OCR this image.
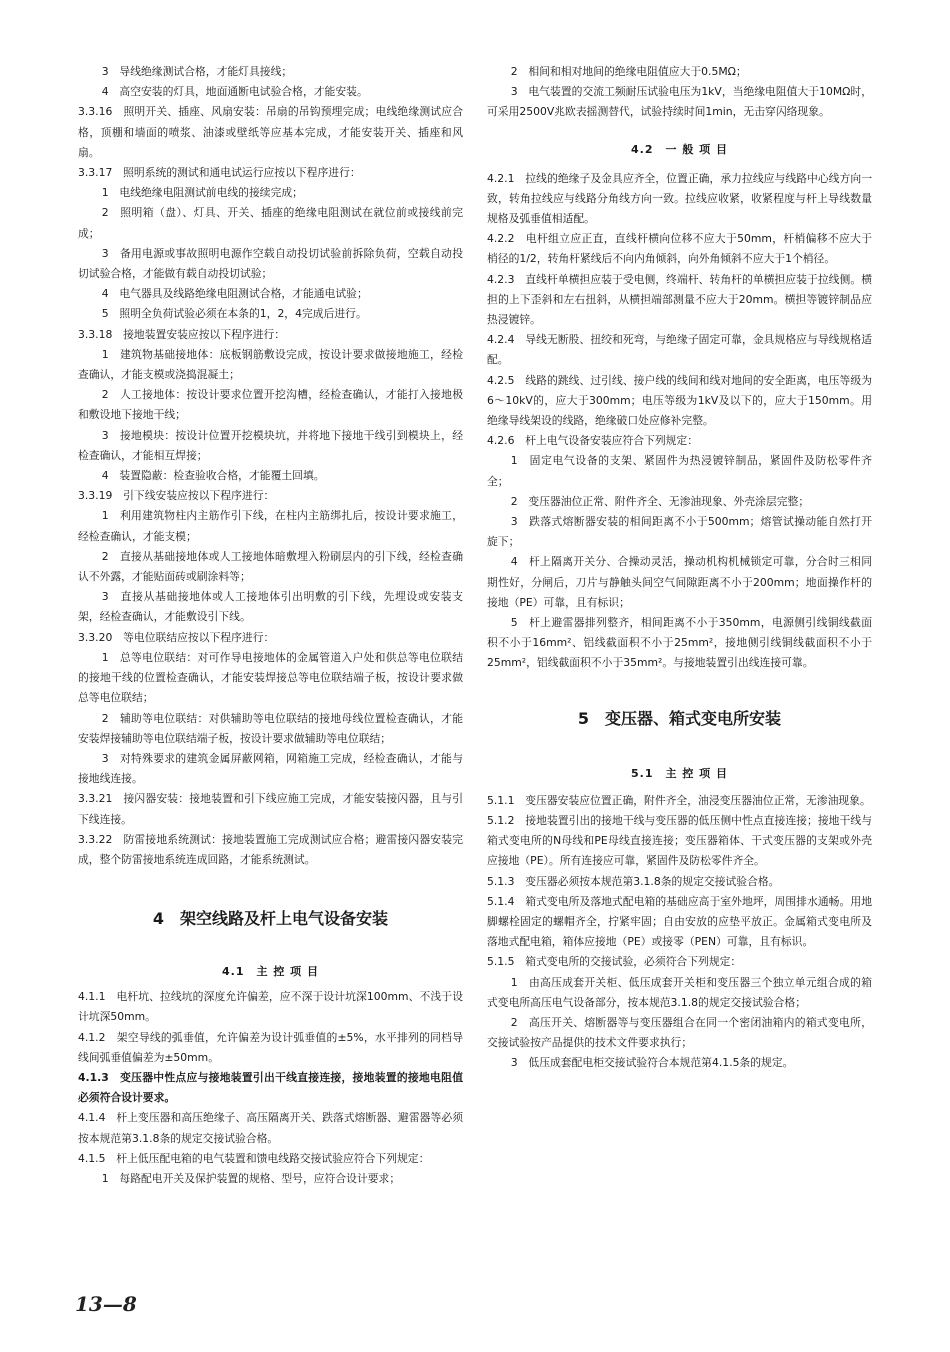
3　导线绝缘测试合格，才能灯具接线；

4　高空安装的灯具，地面通断电试验合格，才能安装。

3.3.16　照明开关、插座、风扇安装：吊扇的吊钩预埋完成；电线绝缘测试应合格，顶棚和墙面的喷浆、油漆或壁纸等应基本完成，才能安装开关、插座和风扇。

3.3.17　照明系统的测试和通电试运行应按以下程序进行：

1　电线绝缘电阻测试前电线的接续完成；

2　照明箱（盘）、灯具、开关、插座的绝缘电阻测试在就位前或接线前完成；

3　备用电源或事故照明电源作空载自动投切试验前拆除负荷，空载自动投切试验合格，才能做有载自动投切试验；

4　电气器具及线路绝缘电阻测试合格，才能通电试验；

5　照明全负荷试验必须在本条的1，2，4完成后进行。

3.3.18　接地装置安装应按以下程序进行：

1　建筑物基础接地体：底板钢筋敷设完成，按设计要求做接地施工，经检查确认，才能支模或浇捣混凝土；

2　人工接地体：按设计要求位置开挖沟槽，经检查确认，才能打入接地极和敷设地下接地干线；

3　接地模块：按设计位置开挖模块坑，并将地下接地干线引到模块上，经检查确认，才能相互焊接；

4　装置隐蔽：检查验收合格，才能覆土回填。

3.3.19　引下线安装应按以下程序进行：

1　利用建筑物柱内主筋作引下线，在柱内主筋绑扎后，按设计要求施工，经检查确认，才能支模；

2　直接从基础接地体或人工接地体暗敷埋入粉刷层内的引下线，经检查确认不外露，才能贴面砖或刷涂料等；

3　直接从基础接地体或人工接地体引出明敷的引下线，先埋设或安装支架，经检查确认，才能敷设引下线。

3.3.20　等电位联结应按以下程序进行：

1　总等电位联结：对可作导电接地体的金属管道入户处和供总等电位联结的接地干线的位置检查确认，才能安装焊接总等电位联结端子板，按设计要求做总等电位联结；

2　辅助等电位联结：对供辅助等电位联结的接地母线位置检查确认，才能安装焊接辅助等电位联结端子板，按设计要求做辅助等电位联结；

3　对特殊要求的建筑金属屏蔽网箱，网箱施工完成，经检查确认，才能与接地线连接。

3.3.21　接闪器安装：接地装置和引下线应施工完成，才能安装接闪器，且与引下线连接。

3.3.22　防雷接地系统测试：接地装置施工完成测试应合格；避雷接闪器安装完成，整个防雷接地系统连成回路，才能系统测试。

4　架空线路及杆上电气设备安装
4.1　主 控 项 目

4.1.1　电杆坑、拉线坑的深度允许偏差，应不深于设计坑深100mm、不浅于设计坑深50mm。

4.1.2　架空导线的弧垂值，允许偏差为设计弧垂值的±5%，水平排列的同档导线间弧垂值偏差为±50mm。

4.1.3　变压器中性点应与接地装置引出干线直接连接，接地装置的接地电阻值必须符合设计要求。

4.1.4　杆上变压器和高压绝缘子、高压隔离开关、跌落式熔断器、避雷器等必须按本规范第3.1.8条的规定交接试验合格。

4.1.5　杆上低压配电箱的电气装置和馈电线路交接试验应符合下列规定：

1　每路配电开关及保护装置的规格、型号，应符合设计要求；

2　相间和相对地间的绝缘电阻值应大于0.5MΩ；

3　电气装置的交流工频耐压试验电压为1kV，当绝缘电阻值大于10MΩ时，可采用2500V兆欧表摇测替代，试验持续时间1min，无击穿闪络现象。

4.2　一 般 项 目

4.2.1　拉线的绝缘子及金具应齐全，位置正确，承力拉线应与线路中心线方向一致，转角拉线应与线路分角线方向一致。拉线应收紧，收紧程度与杆上导线数量规格及弧垂值相适配。

4.2.2　电杆组立应正直，直线杆横向位移不应大于50mm，杆梢偏移不应大于梢径的1/2，转角杆紧线后不向内角倾斜，向外角倾斜不应大于1个梢径。

4.2.3　直线杆单横担应装于受电侧，终端杆、转角杆的单横担应装于拉线侧。横担的上下歪斜和左右扭斜，从横担端部测量不应大于20mm。横担等镀锌制品应热浸镀锌。

4.2.4　导线无断股、扭绞和死弯，与绝缘子固定可靠，金具规格应与导线规格适配。

4.2.5　线路的跳线、过引线、接户线的线间和线对地间的安全距离，电压等级为6～10kV的，应大于300mm；电压等级为1kV及以下的，应大于150mm。用绝缘导线架设的线路，绝缘破口处应修补完整。

4.2.6　杆上电气设备安装应符合下列规定：

1　固定电气设备的支架、紧固件为热浸镀锌制品，紧固件及防松零件齐全；

2　变压器油位正常、附件齐全、无渗油现象、外壳涂层完整；

3　跌落式熔断器安装的相间距离不小于500mm；熔管试操动能自然打开旋下；

4　杆上隔离开关分、合操动灵活，操动机构机械锁定可靠，分合时三相同期性好，分闸后，刀片与静触头间空气间隙距离不小于200mm；地面操作杆的接地（PE）可靠，且有标识；

5　杆上避雷器排列整齐，相间距离不小于350mm，电源侧引线铜线截面积不小于16mm²、铝线截面积不小于25mm²，接地侧引线铜线截面积不小于25mm²，铝线截面积不小于35mm²。与接地装置引出线连接可靠。

5　变压器、箱式变电所安装
5.1　主 控 项 目

5.1.1　变压器安装应位置正确，附件齐全，油浸变压器油位正常，无渗油现象。

5.1.2　接地装置引出的接地干线与变压器的低压侧中性点直接连接；接地干线与箱式变电所的N母线和PE母线直接连接；变压器箱体、干式变压器的支架或外壳应接地（PE）。所有连接应可靠，紧固件及防松零件齐全。

5.1.3　变压器必须按本规范第3.1.8条的规定交接试验合格。

5.1.4　箱式变电所及落地式配电箱的基础应高于室外地坪，周围排水通畅。用地脚螺栓固定的螺帽齐全，拧紧牢固；自由安放的应垫平放正。金属箱式变电所及落地式配电箱，箱体应接地（PE）或接零（PEN）可靠，且有标识。

5.1.5　箱式变电所的交接试验，必须符合下列规定：

1　由高压成套开关柜、低压成套开关柜和变压器三个独立单元组合成的箱式变电所高压电气设备部分，按本规范3.1.8的规定交接试验合格；

2　高压开关、熔断器等与变压器组合在同一个密闭油箱内的箱式变电所，交接试验按产品提供的技术文件要求执行；

3　低压成套配电柜交接试验符合本规范第4.1.5条的规定。

13—8
